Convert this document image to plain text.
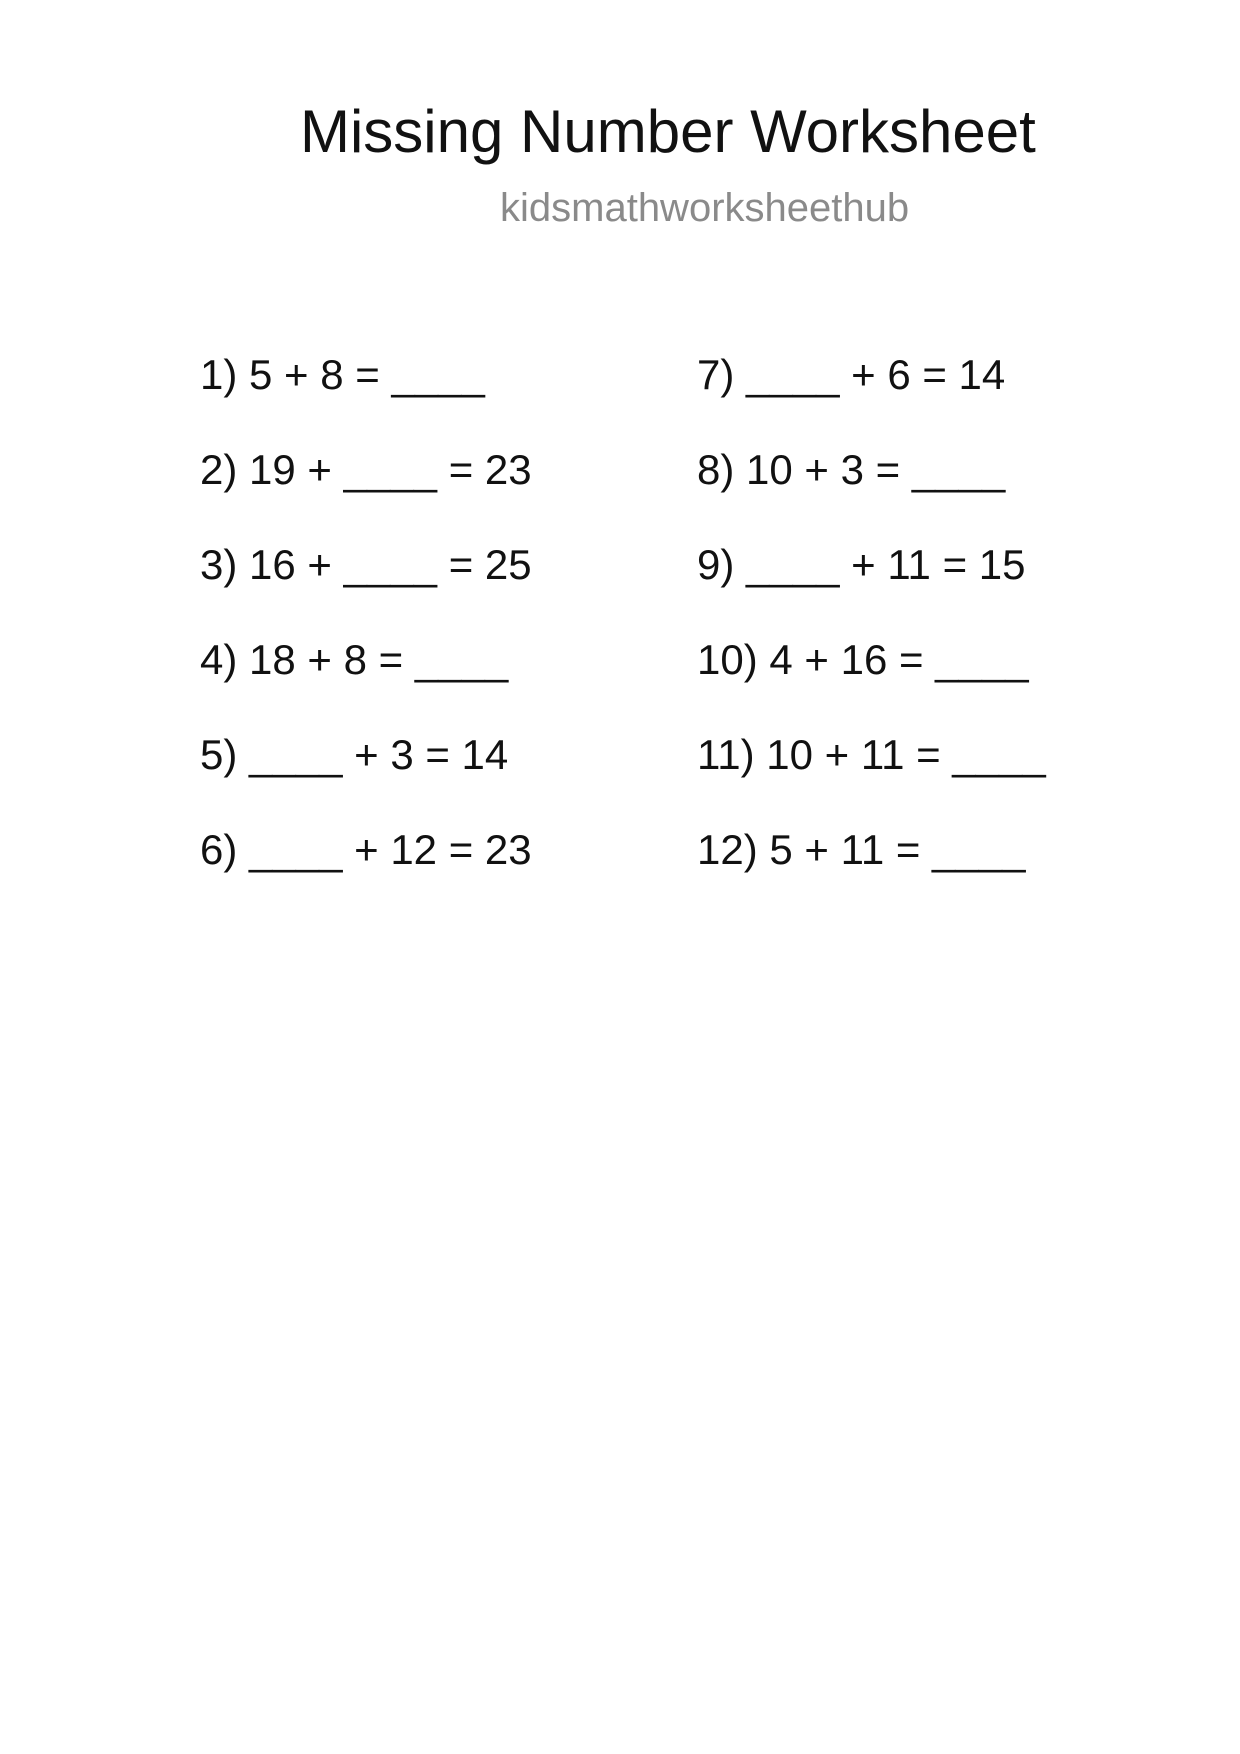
Missing Number Worksheet
kidsmathworksheethub
1) 5 + 8 = ____
2) 19 + ____ = 23
3) 16 + ____ = 25
4) 18 + 8 = ____
5) ____ + 3 = 14
6) ____ + 12 = 23
7) ____ + 6 = 14
8) 10 + 3 = ____
9) ____ + 11 = 15
10) 4 + 16 = ____
11) 10 + 11 = ____
12) 5 + 11 = ____
